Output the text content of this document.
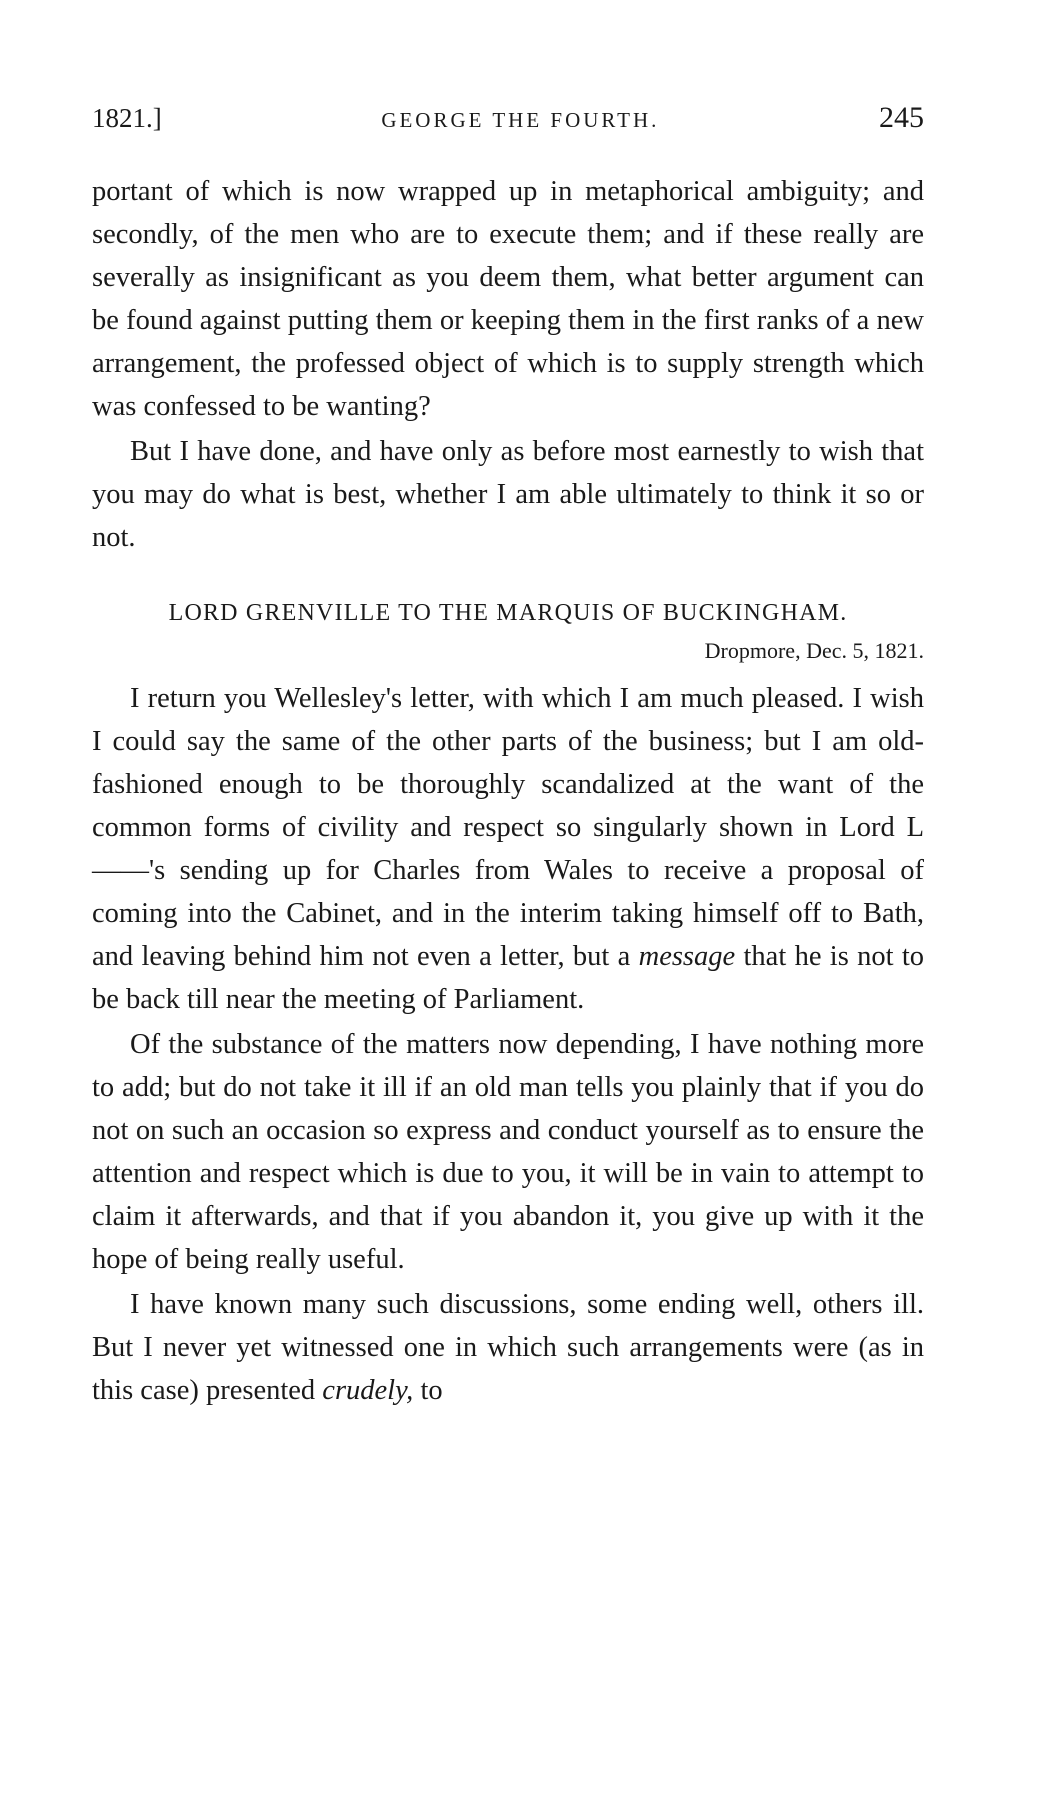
1821.]	GEORGE THE FOURTH.	245

portant of which is now wrapped up in metaphorical ambiguity; and secondly, of the men who are to execute them; and if these really are severally as insignificant as you deem them, what better argument can be found against putting them or keeping them in the first ranks of a new arrangement, the professed object of which is to supply strength which was confessed to be wanting?

But I have done, and have only as before most earnestly to wish that you may do what is best, whether I am able ultimately to think it so or not.

LORD GRENVILLE TO THE MARQUIS OF BUCKINGHAM.
Dropmore, Dec. 5, 1821.

I return you Wellesley's letter, with which I am much pleased. I wish I could say the same of the other parts of the business; but I am old-fashioned enough to be thoroughly scandalized at the want of the common forms of civility and respect so singularly shown in Lord L——'s sending up for Charles from Wales to receive a proposal of coming into the Cabinet, and in the interim taking himself off to Bath, and leaving behind him not even a letter, but a message that he is not to be back till near the meeting of Parliament.

Of the substance of the matters now depending, I have nothing more to add; but do not take it ill if an old man tells you plainly that if you do not on such an occasion so express and conduct yourself as to ensure the attention and respect which is due to you, it will be in vain to attempt to claim it afterwards, and that if you abandon it, you give up with it the hope of being really useful.

I have known many such discussions, some ending well, others ill. But I never yet witnessed one in which such arrangements were (as in this case) presented crudely, to
